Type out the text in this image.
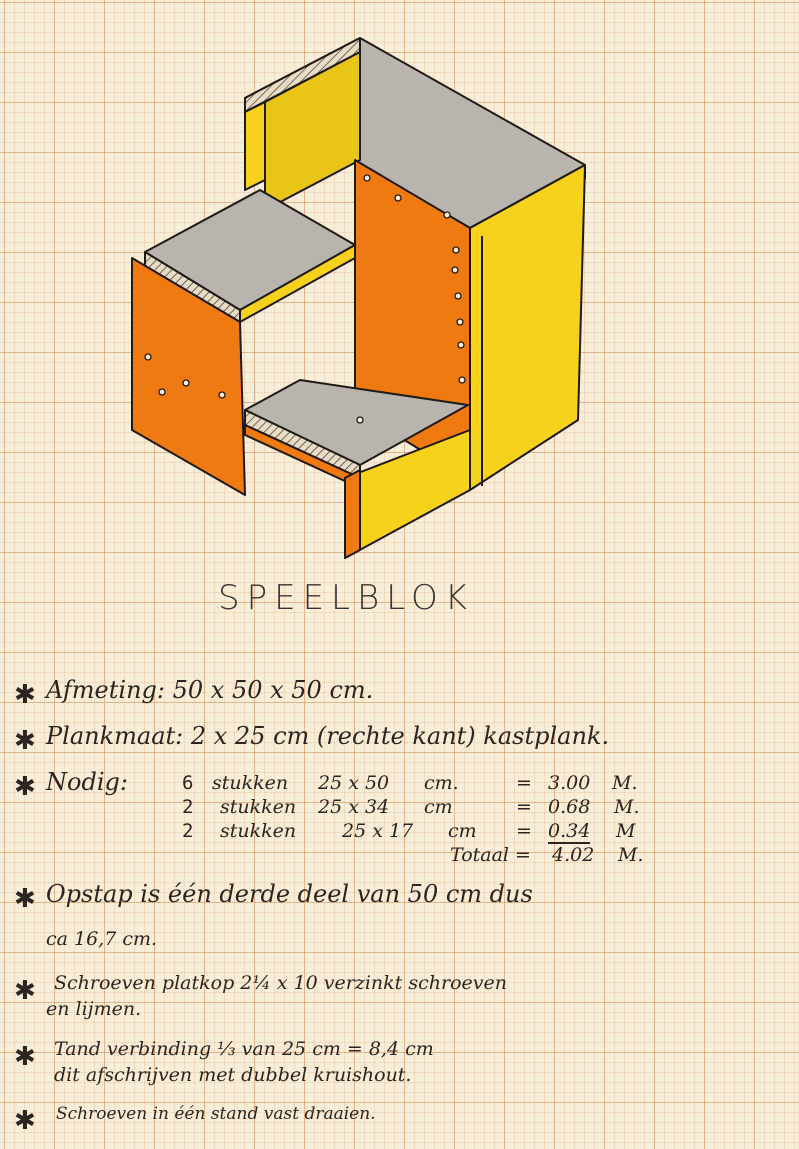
SPEELBLOK
✱ Afmeting: 50 x 50 x 50 cm.
✱ Plankmaat: 2 x 25 cm (rechte kant) kastplank.
✱ Nodig:	6 stukken 25 x 50 cm.	= 3.00 M.
2 stukken 25 x 34 cm	= 0.68 M.
2 stukken 25 x 17 cm = 0.34 M
Totaal = 4.02 M.
✱ Opstap is één derde deel van 50 cm dus
ca 16,7 cm.
✱ Schroeven platkop 2¼ x 10 verzinkt schroeven
en lijmen.
✱ Tand verbinding ⅓ van 25 cm = 8,4 cm
dit afschrijven met dubbel kruishout.
✱ Schroeven in één stand vast draaien.
